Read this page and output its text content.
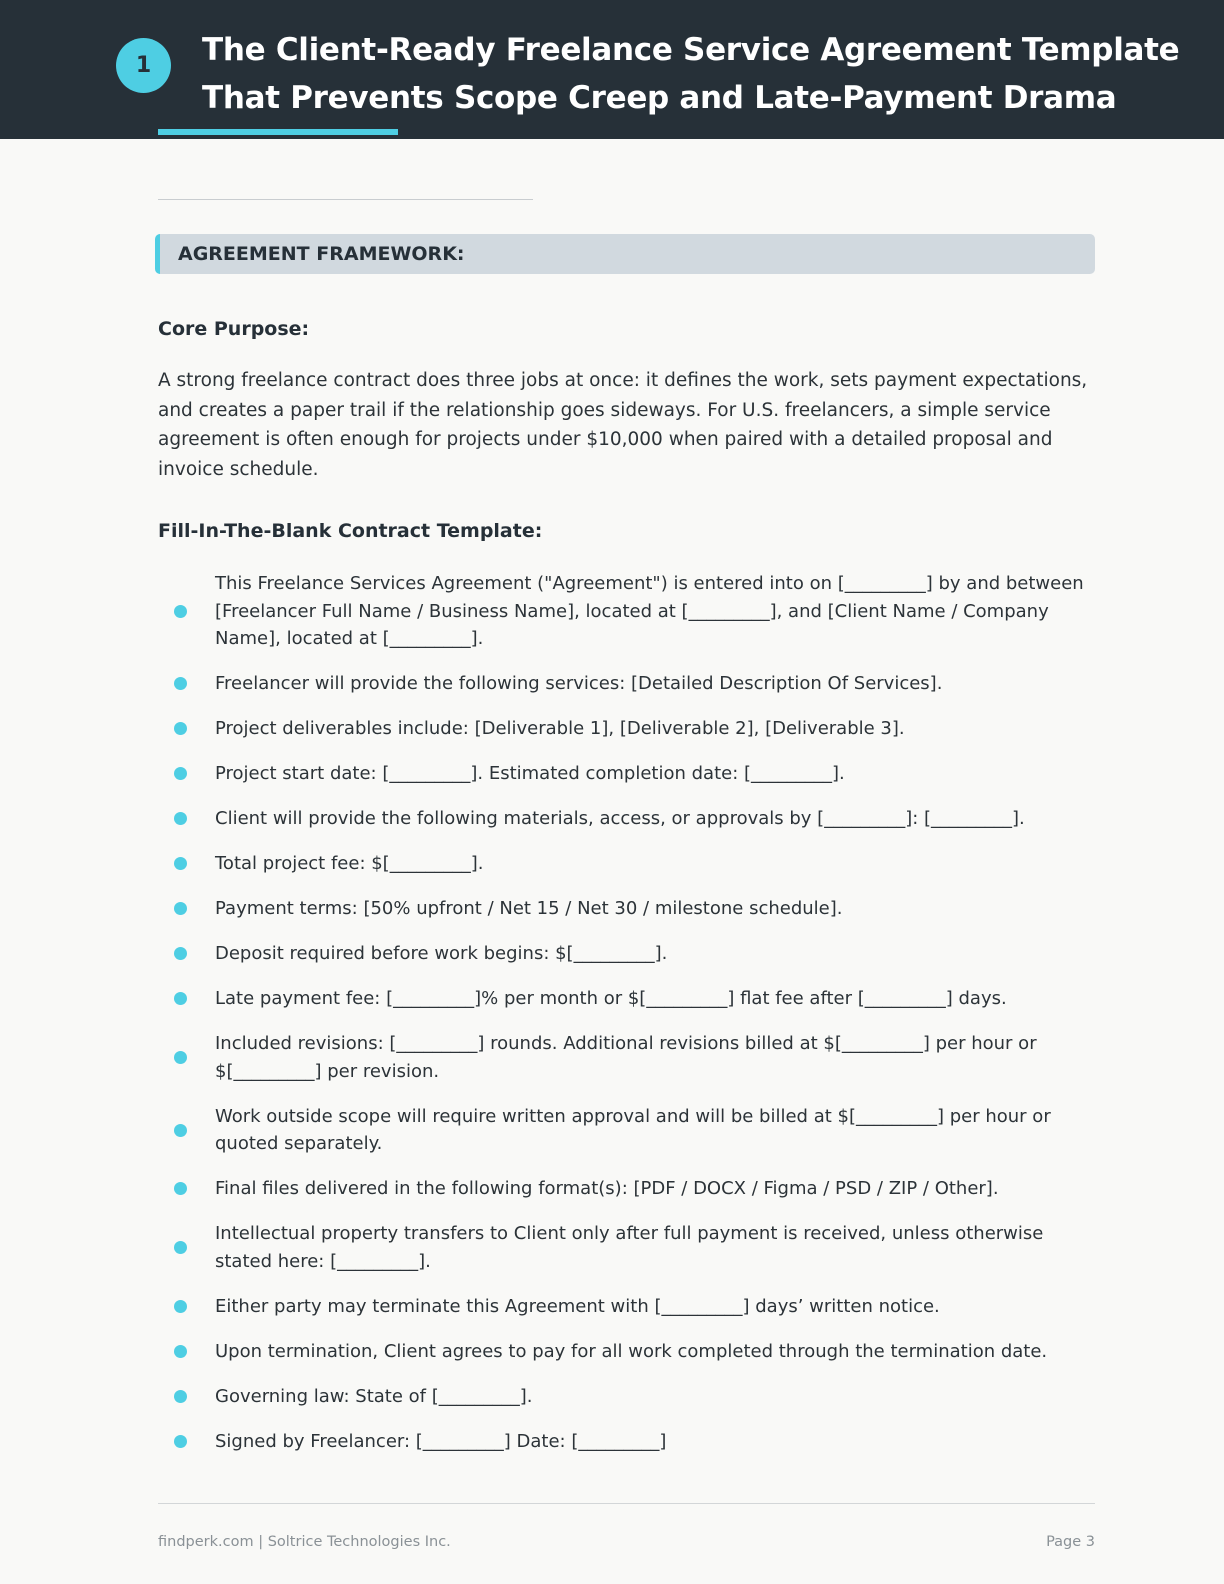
1	The Client-Ready Freelance Service Agreement Template
That Prevents Scope Creep and Late-Payment Drama
AGREEMENT FRAMEWORK:
Core Purpose:

A strong freelance contract does three jobs at once: it defines the work, sets payment expectations, and creates a paper trail if the relationship goes sideways. For U.S. freelancers, a simple service agreement is often enough for projects under $10,000 when paired with a detailed proposal and invoice schedule.

Fill-In-The-Blank Contract Template:
This Freelance Services Agreement ("Agreement") is entered into on [_________] by and between [Freelancer Full Name / Business Name], located at [_________], and [Client Name / Company Name], located at [_________].
Freelancer will provide the following services: [Detailed Description Of Services].
Project deliverables include: [Deliverable 1], [Deliverable 2], [Deliverable 3].
Project start date: [_________]. Estimated completion date: [_________].
Client will provide the following materials, access, or approvals by [_________]: [_________].
Total project fee: $[_________].
Payment terms: [50% upfront / Net 15 / Net 30 / milestone schedule].
Deposit required before work begins: $[_________].
Late payment fee: [_________]% per month or $[_________] flat fee after [_________] days.
Included revisions: [_________] rounds. Additional revisions billed at $[_________] per hour or $[_________] per revision.
Work outside scope will require written approval and will be billed at $[_________] per hour or quoted separately.
Final files delivered in the following format(s): [PDF / DOCX / Figma / PSD / ZIP / Other].
Intellectual property transfers to Client only after full payment is received, unless otherwise stated here: [_________].
Either party may terminate this Agreement with [_________] days’ written notice.
Upon termination, Client agrees to pay for all work completed through the termination date.
Governing law: State of [_________].
Signed by Freelancer: [_________] Date: [_________]
findperk.com | Soltrice Technologies Inc.	Page 3
